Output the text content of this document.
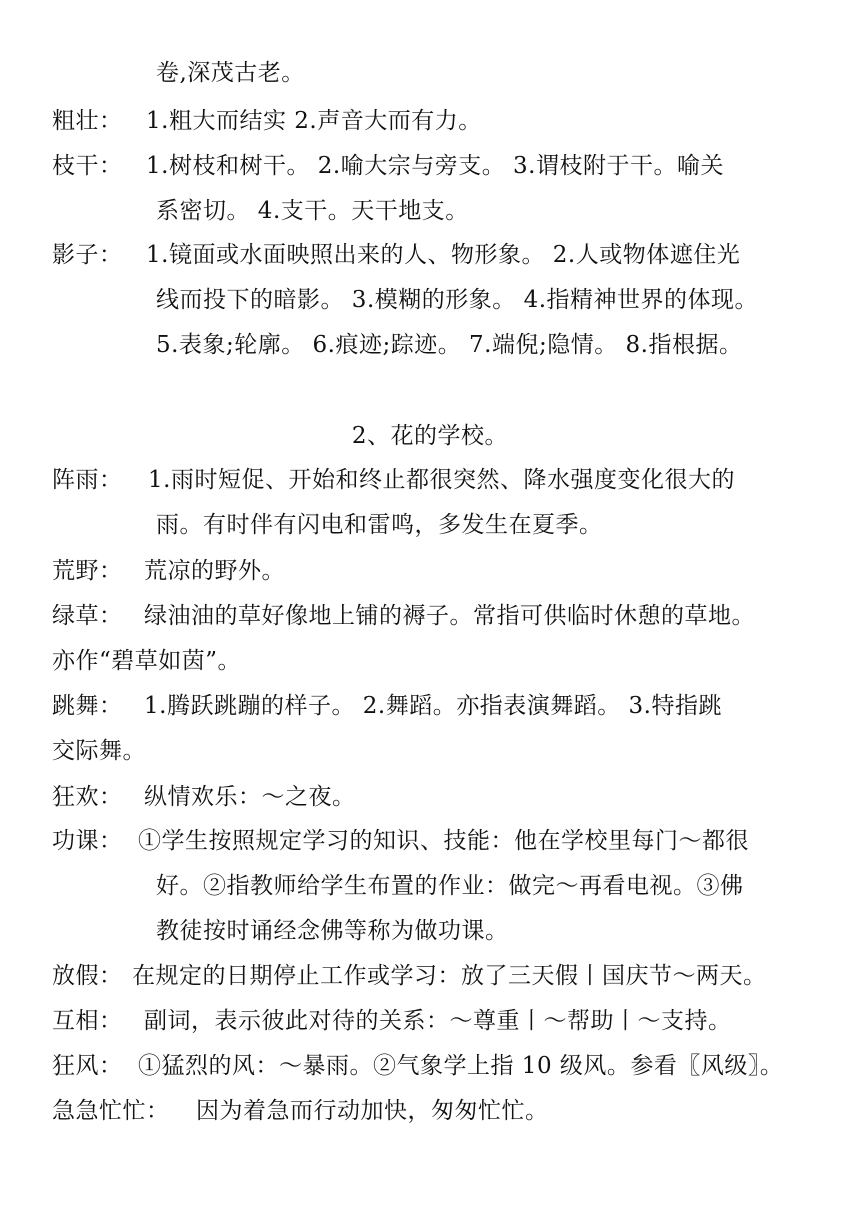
卷,深茂古老。
粗壮： 1.粗大而结实 2.声音大而有力。
枝干： 1.树枝和树干。 2.喻大宗与旁支。 3.谓枝附于干。喻关
系密切。 4.支干。天干地支。
影子： 1.镜面或水面映照出来的人、物形象。 2.人或物体遮住光
线而投下的暗影。 3.模糊的形象。 4.指精神世界的体现。
5.表象;轮廓。 6.痕迹;踪迹。 7.端倪;隐情。 8.指根据。
2、花的学校。
阵雨： 1.雨时短促、开始和终止都很突然、降水强度变化很大的
雨。有时伴有闪电和雷鸣，多发生在夏季。
荒野： 荒凉的野外。
绿草： 绿油油的草好像地上铺的褥子。常指可供临时休憩的草地。
亦作“碧草如茵”。
跳舞： 1.腾跃跳蹦的样子。 2.舞蹈。亦指表演舞蹈。 3.特指跳
交际舞。
狂欢： 纵情欢乐：～之夜。
功课： ①学生按照规定学习的知识、技能：他在学校里每门～都很
好。②指教师给学生布置的作业：做完～再看电视。③佛
教徒按时诵经念佛等称为做功课。
放假： 在规定的日期停止工作或学习：放了三天假丨国庆节～两天。
互相： 副词，表示彼此对待的关系：～尊重丨～帮助丨～支持。
狂风： ①猛烈的风：～暴雨。②气象学上指 10 级风。参看〖风级〗。
急急忙忙： 因为着急而行动加快，匆匆忙忙。
